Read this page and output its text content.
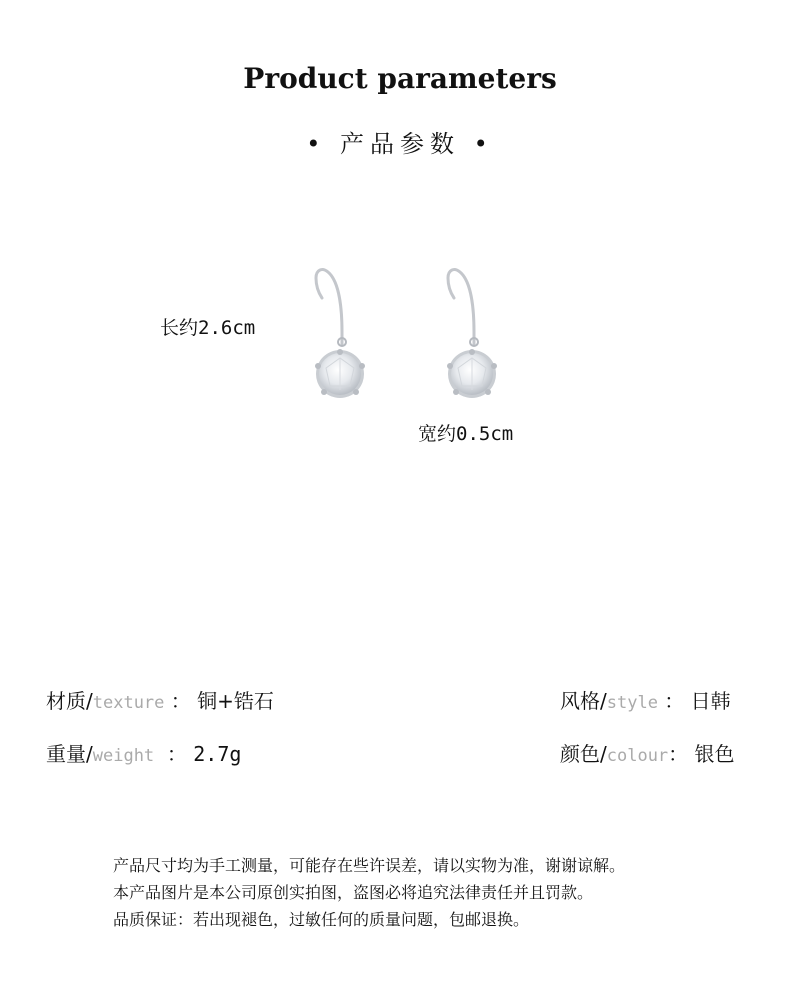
Product parameters
• 产品参数 •
长约2.6cm
宽约0.5cm
材质/texture ： 铜+锆石	风格/style ： 日韩
重量/weight  ： 2.7g	颜色/colour： 银色
产品尺寸均为手工测量，可能存在些许误差，请以实物为准，谢谢谅解。
本产品图片是本公司原创实拍图，盗图必将追究法律责任并且罚款。
品质保证：若出现褪色，过敏任何的质量问题，包邮退换。
